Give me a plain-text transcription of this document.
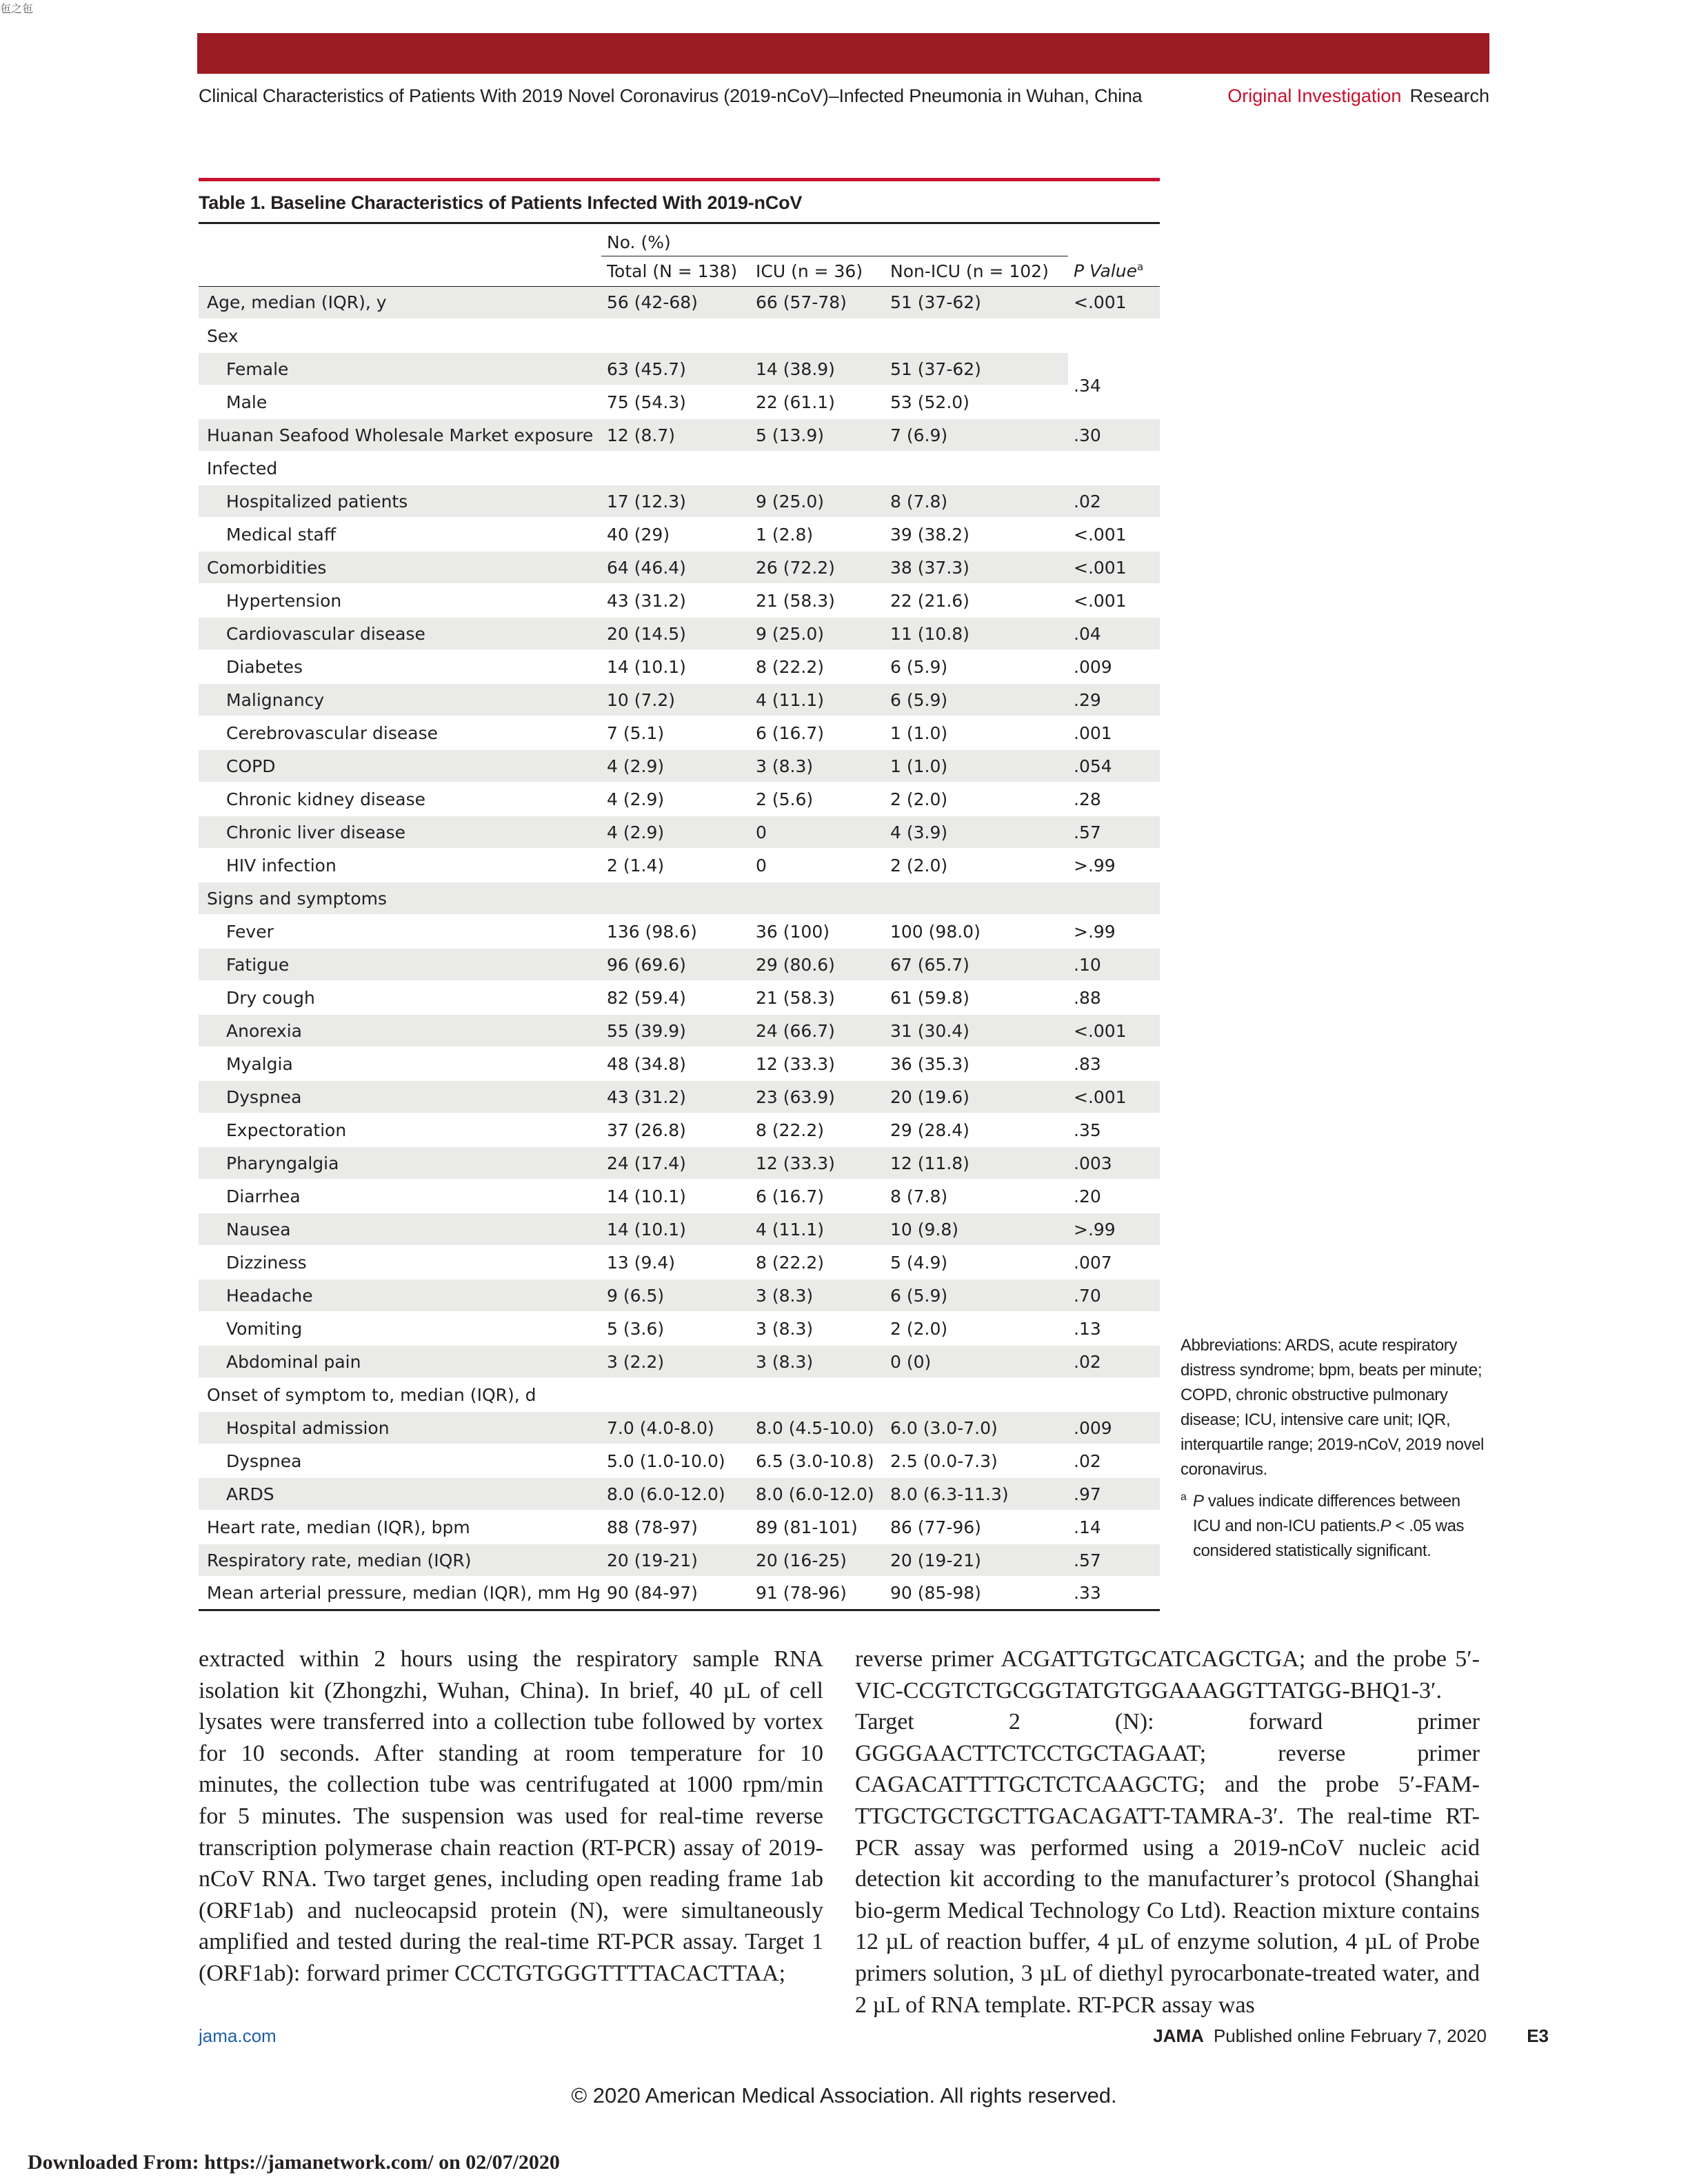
㐌之㐌
Clinical Characteristics of Patients With 2019 Novel Coronavirus (2019-nCoV)–Infected Pneumonia in Wuhan, China	Original Investigation Research
Table 1. Baseline Characteristics of Patients Infected With 2019-nCoV
	No. (%)			
	Total (N = 138)	ICU (n = 36)	Non-ICU (n = 102)	P Value$^a$
Age, median (IQR), y	56 (42-68)	66 (57-78)	51 (37-62)	<.001
Sex				
Female	63 (45.7)	14 (38.9)	51 (37-62)	.34
Male	75 (54.3)	22 (61.1)	53 (52.0)	
Huanan Seafood Wholesale Market exposure	12 (8.7)	5 (13.9)	7 (6.9)	.30
Infected				
Hospitalized patients	17 (12.3)	9 (25.0)	8 (7.8)	.02
Medical staff	40 (29)	1 (2.8)	39 (38.2)	<.001
Comorbidities	64 (46.4)	26 (72.2)	38 (37.3)	<.001
Hypertension	43 (31.2)	21 (58.3)	22 (21.6)	<.001
Cardiovascular disease	20 (14.5)	9 (25.0)	11 (10.8)	.04
Diabetes	14 (10.1)	8 (22.2)	6 (5.9)	.009
Malignancy	10 (7.2)	4 (11.1)	6 (5.9)	.29
Cerebrovascular disease	7 (5.1)	6 (16.7)	1 (1.0)	.001
COPD	4 (2.9)	3 (8.3)	1 (1.0)	.054
Chronic kidney disease	4 (2.9)	2 (5.6)	2 (2.0)	.28
Chronic liver disease	4 (2.9)	0	4 (3.9)	.57
HIV infection	2 (1.4)	0	2 (2.0)	>.99
Signs and symptoms				
Fever	136 (98.6)	36 (100)	100 (98.0)	>.99
Fatigue	96 (69.6)	29 (80.6)	67 (65.7)	.10
Dry cough	82 (59.4)	21 (58.3)	61 (59.8)	.88
Anorexia	55 (39.9)	24 (66.7)	31 (30.4)	<.001
Myalgia	48 (34.8)	12 (33.3)	36 (35.3)	.83
Dyspnea	43 (31.2)	23 (63.9)	20 (19.6)	<.001
Expectoration	37 (26.8)	8 (22.2)	29 (28.4)	.35
Pharyngalgia	24 (17.4)	12 (33.3)	12 (11.8)	.003
Diarrhea	14 (10.1)	6 (16.7)	8 (7.8)	.20
Nausea	14 (10.1)	4 (11.1)	10 (9.8)	>.99
Dizziness	13 (9.4)	8 (22.2)	5 (4.9)	.007
Headache	9 (6.5)	3 (8.3)	6 (5.9)	.70
Vomiting	5 (3.6)	3 (8.3)	2 (2.0)	.13
Abdominal pain	3 (2.2)	3 (8.3)	0 (0)	.02
Onset of symptom to, median (IQR), d				
Hospital admission	7.0 (4.0-8.0)	8.0 (4.5-10.0)	6.0 (3.0-7.0)	.009
Dyspnea	5.0 (1.0-10.0)	6.5 (3.0-10.8)	2.5 (0.0-7.3)	.02
ARDS	8.0 (6.0-12.0)	8.0 (6.0-12.0)	8.0 (6.3-11.3)	.97
Heart rate, median (IQR), bpm	88 (78-97)	89 (81-101)	86 (77-96)	.14
Respiratory rate, median (IQR)	20 (19-21)	20 (16-25)	20 (19-21)	.57
Mean arterial pressure, median (IQR), mm Hg	90 (84-97)	91 (78-96)	90 (85-98)	.33
Abbreviations: ARDS, acute respiratory distress syndrome; bpm, beats per minute; COPD, chronic obstructive pulmonary disease; ICU, intensive care unit; IQR, interquartile range; 2019-nCoV, 2019 novel coronavirus.
a P values indicate differences between ICU and non-ICU patients.P < .05 was considered statistically significant.
extracted within 2 hours using the respiratory sample RNA isolation kit (Zhongzhi, Wuhan, China). In brief, 40 µL of cell lysates were transferred into a collection tube followed by vortex for 10 seconds. After standing at room temperature for 10 minutes, the collection tube was centrifugated at 1000 rpm/min for 5 minutes. The suspension was used for real-time reverse transcription polymerase chain reaction (RT-PCR) assay of 2019-nCoV RNA. Two target genes, including open reading frame 1ab (ORF1ab) and nucleocapsid protein (N), were simultaneously amplified and tested during the real-time RT-PCR assay. Target 1 (ORF1ab): forward primer CCCTGTGGGTTTTACACTTAA;
reverse primer ACGATTGTGCATCAGCTGA; and the probe 5′-VIC-CCGTCTGCGGTATGTGGAAAGGTTATGG-BHQ1-3′. Target 2 (N): forward primer GGGGAACTTCTCCTGCTAGAAT; reverse primer CAGACATTTTGCTCTCAAGCTG; and the probe 5′-FAM- TTGCTGCTGCTTGACAGATT-TAMRA-3′. The real-time RT-PCR assay was performed using a 2019-nCoV nucleic acid detection kit according to the manufacturer’s protocol (Shanghai bio-germ Medical Technology Co Ltd). Reaction mixture contains 12 µL of reaction buffer, 4 µL of enzyme solution, 4 µL of Probe primers solution, 3 µL of diethyl pyrocarbonate-treated water, and 2 µL of RNA template. RT-PCR assay was
jama.com	JAMA Published online February 7, 2020 E3
© 2020 American Medical Association. All rights reserved.
Downloaded From: https://jamanetwork.com/ on 02/07/2020
